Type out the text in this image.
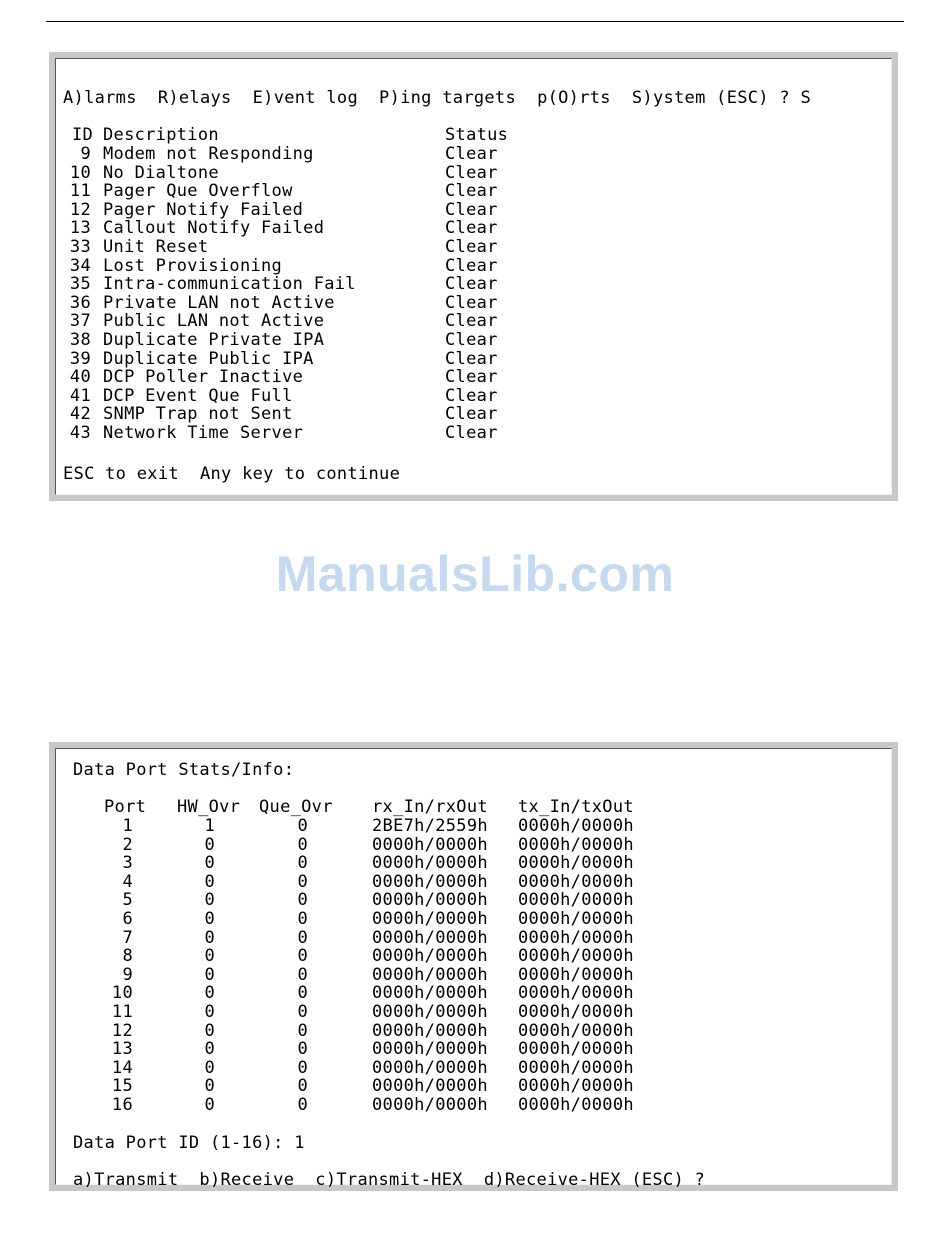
A)larms  R)elays  E)vent log  P)ing targets  p(O)rts  S)ystem (ESC) ? S
ID Description	Status
9 Modem not Responding	Clear
10 No Dialtone	Clear
11 Pager Que Overflow	Clear
12 Pager Notify Failed	Clear
13 Callout Notify Failed	Clear
33 Unit Reset	Clear
34 Lost Provisioning	Clear
35 Intra-communication Fail	Clear
36 Private LAN not Active	Clear
37 Public LAN not Active	Clear
38 Duplicate Private IPA	Clear
39 Duplicate Public IPA	Clear
40 DCP Poller Inactive	Clear
41 DCP Event Que Full	Clear
42 SNMP Trap not Sent	Clear
43 Network Time Server	Clear
ESC to exit  Any key to continue
ManualsLib.com
Data Port Stats/Info:
Port HW_Ovr Que_Ovr rx_In/rxOut tx_In/txOut
1	1	0	2BE7h/2559h 0000h/0000h
2	0	0	0000h/0000h 0000h/0000h
3	0	0	0000h/0000h 0000h/0000h
4	0	0	0000h/0000h 0000h/0000h
5	0	0	0000h/0000h 0000h/0000h
6	0	0	0000h/0000h 0000h/0000h
7	0	0	0000h/0000h 0000h/0000h
8	0	0	0000h/0000h 0000h/0000h
9	0	0	0000h/0000h 0000h/0000h
10	0	0	0000h/0000h 0000h/0000h
11	0	0	0000h/0000h 0000h/0000h
12	0	0	0000h/0000h 0000h/0000h
13	0	0	0000h/0000h 0000h/0000h
14	0	0	0000h/0000h 0000h/0000h
15	0	0	0000h/0000h 0000h/0000h
16	0	0	0000h/0000h 0000h/0000h
Data Port ID (1-16): 1
a)Transmit  b)Receive  c)Transmit-HEX  d)Receive-HEX (ESC) ?
